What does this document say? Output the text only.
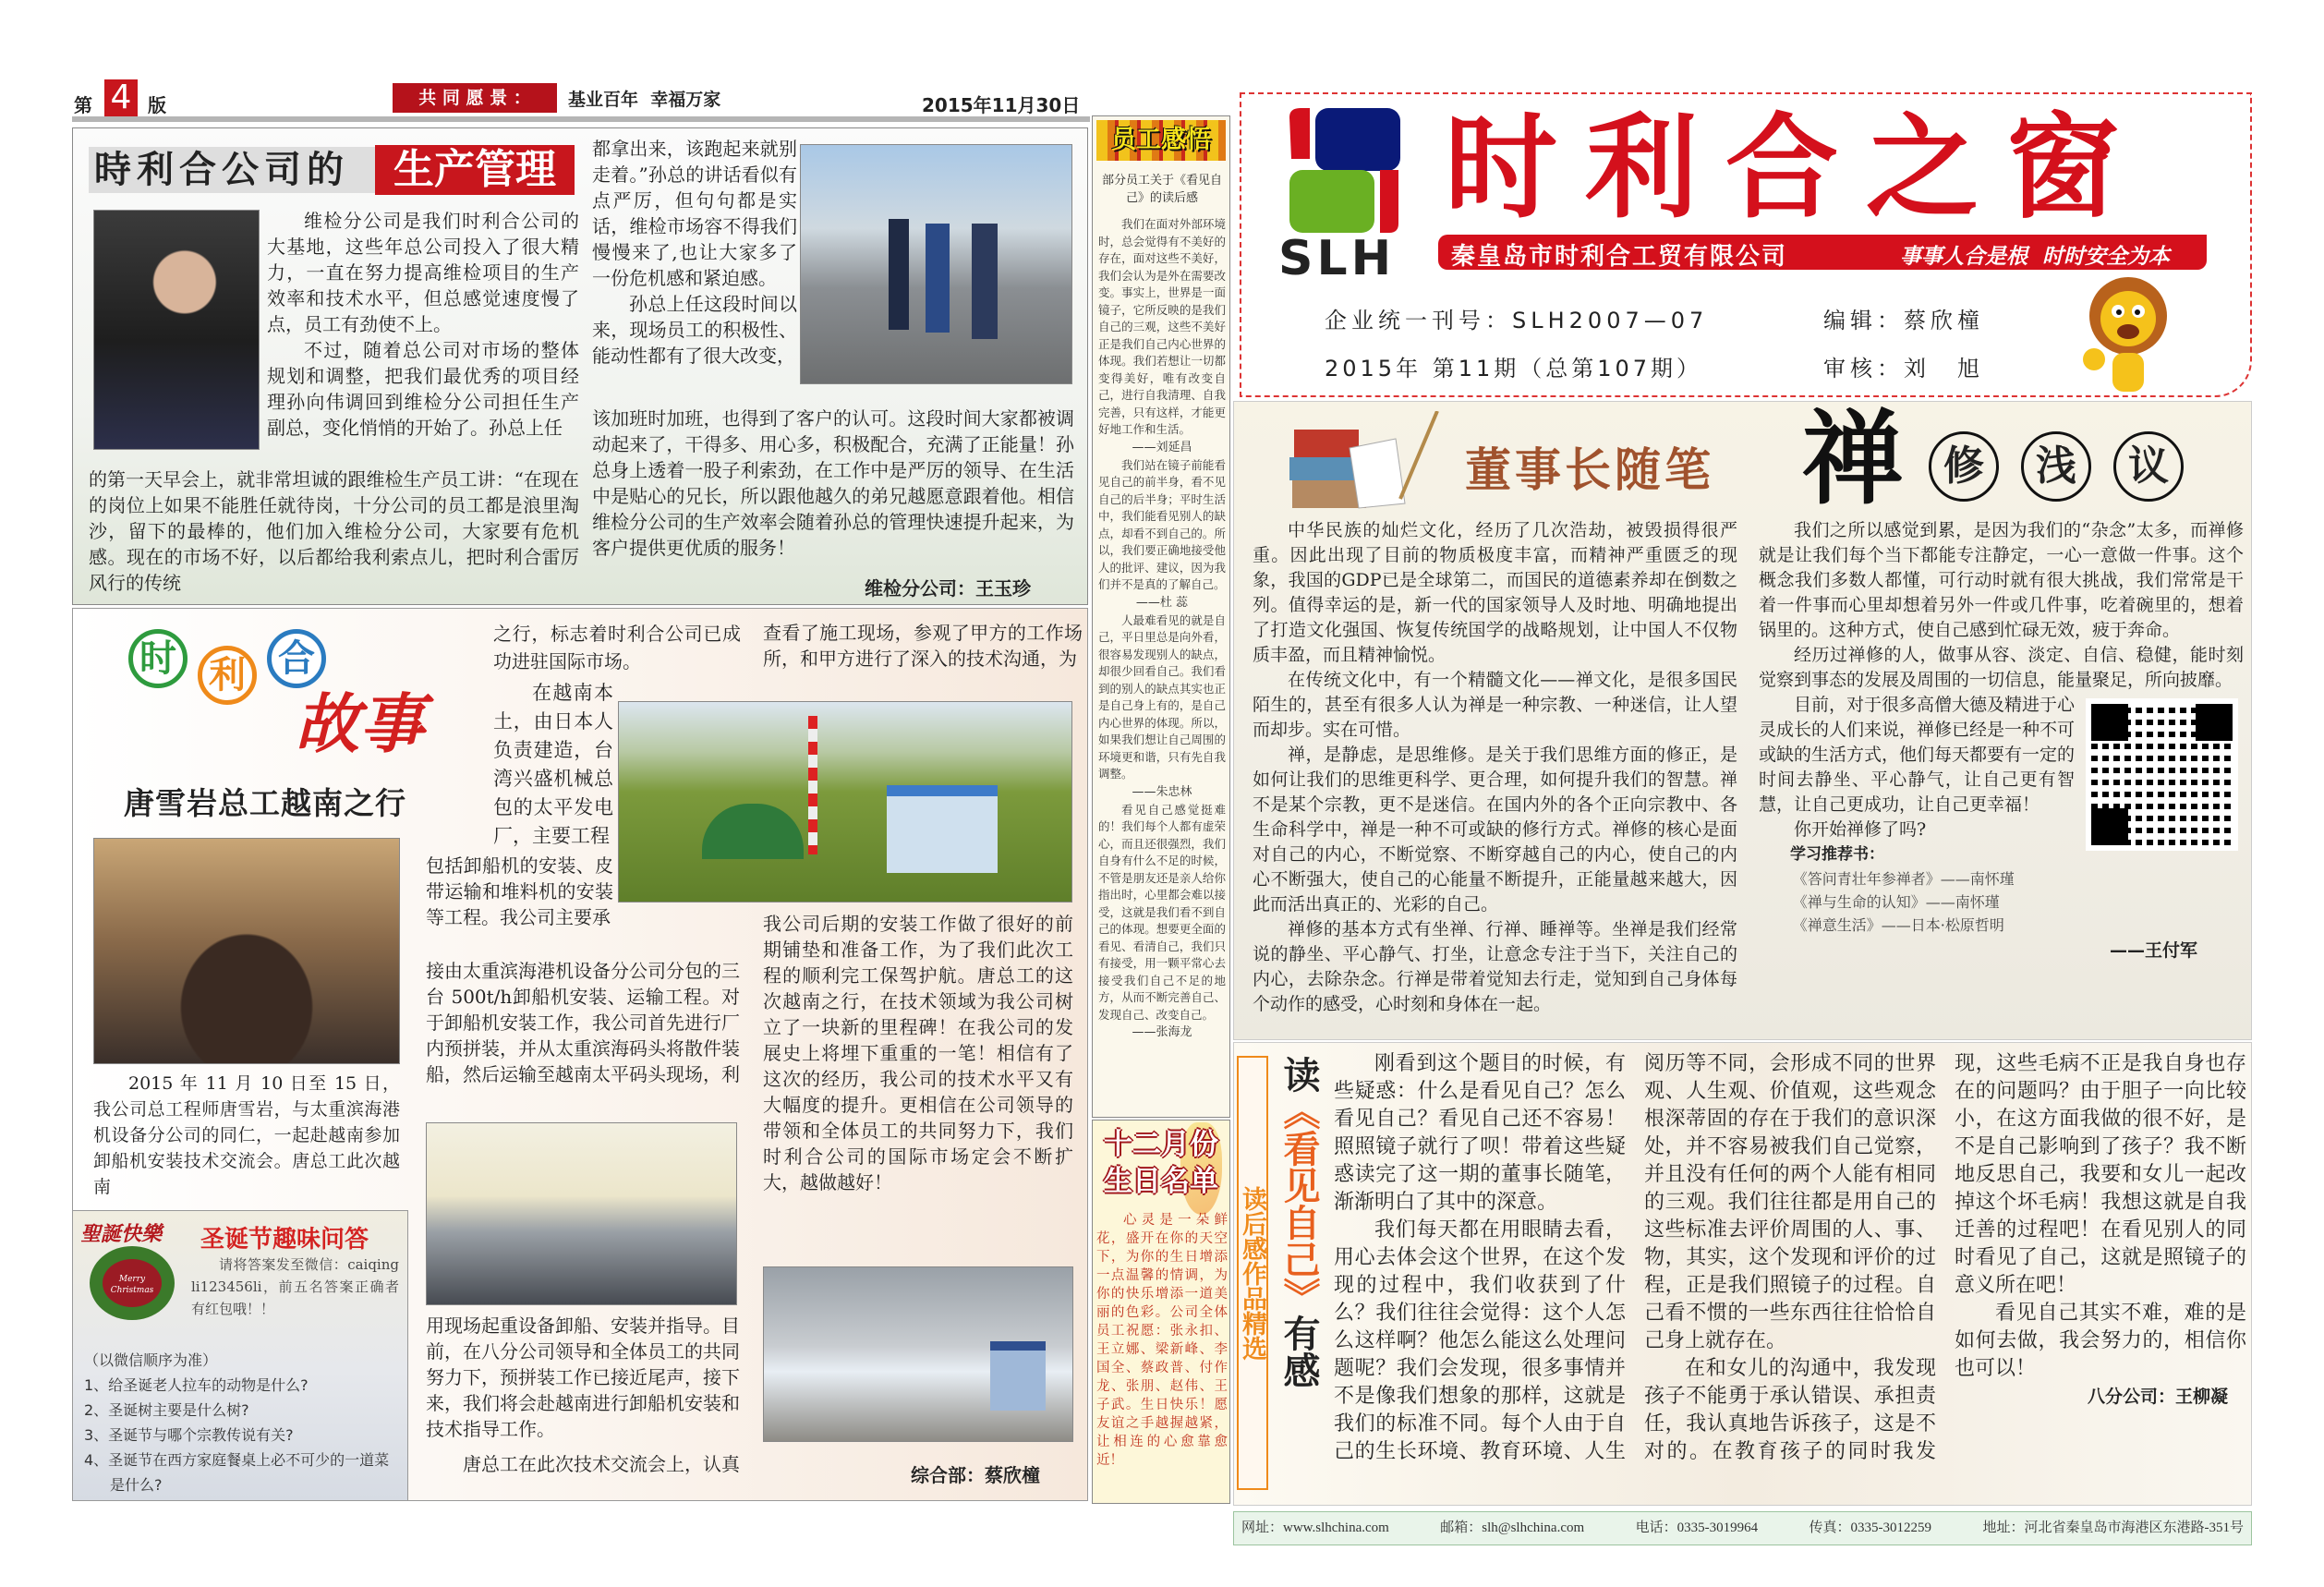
第 4 版	共 同 愿 景 ：	基业百年  幸福万家	2015年11月30日
時利合公司的	生产管理

维检分公司是我们时利合公司的大基地，这些年总公司投入了很大精力，一直在努力提高维检项目的生产效率和技术水平，但总感觉速度慢了点，员工有劲使不上。

不过，随着总公司对市场的整体规划和调整，把我们最优秀的项目经理孙向伟调回到维检分公司担任生产副总，变化悄悄的开始了。孙总上任

的第一天早会上，就非常坦诚的跟维检生产员工讲：“在现在的岗位上如果不能胜任就待岗，十分公司的员工都是浪里淘沙，留下的最棒的，他们加入维检分公司，大家要有危机感。现在的市场不好，以后都给我利索点儿，把时利合雷厉风行的传统

都拿出来，该跑起来就别走着。”孙总的讲话看似有点严厉，但句句都是实话，维检市场容不得我们慢慢来了,也让大家多了一份危机感和紧迫感。

孙总上任这段时间以来，现场员工的积极性、能动性都有了很大改变，

该加班时加班，也得到了客户的认可。这段时间大家都被调动起来了，干得多、用心多，积极配合，充满了正能量！孙总身上透着一股子利索劲，在工作中是严厉的领导、在生活中是贴心的兄长，所以跟他越久的弟兄越愿意跟着他。相信维检分公司的生产效率会随着孙总的管理快速提升起来，为客户提供更优质的服务！

维检分公司：王玉珍
时 利 合
故事
唐雪岩总工越南之行

2015 年 11 月 10 日至 15 日，我公司总工程师唐雪岩，与太重滨海港机设备分公司的同仁，一起赴越南参加卸船机安装技术交流会。唐总工此次越南

之行，标志着时利合公司已成功进驻国际市场。

在越南本土，由日本人负责建造，台湾兴盛机械总包的太平发电厂，主要工程

包括卸船机的安装、皮带运输和堆料机的安装等工程。我公司主要承

接由太重滨海港机设备分公司分包的三台 500t/h卸船机安装、运输工程。对于卸船机安装工作，我公司首先进行厂内预拼装，并从太重滨海码头将散件装船，然后运输至越南太平码头现场，利

用现场起重设备卸船、安装并指导。目前，在八分公司领导和全体员工的共同努力下，预拼装工作已接近尾声，接下来，我们将会赴越南进行卸船机安装和技术指导工作。

唐总工在此次技术交流会上，认真

查看了施工现场，参观了甲方的工作场所，和甲方进行了深入的技术沟通，为

我公司后期的安装工作做了很好的前期铺垫和准备工作，为了我们此次工程的顺利完工保驾护航。唐总工的这次越南之行，在技术领域为我公司树立了一块新的里程碑！在我公司的发展史上将埋下重重的一笔！相信有了这次的经历，我公司的技术水平又有大幅度的提升。更相信在公司领导的带领和全体员工的共同努力下，我们时利合公司的国际市场定会不断扩大，越做越好！

综合部：蔡欣橦
聖誕快樂
Merry Christmas
圣诞节趣味问答

请将答案发至微信：caiqingli123456li，前五名答案正确者有红包哦！！

（以微信顺序为准）
1、给圣诞老人拉车的动物是什么?
2、圣诞树主要是什么树?
3、圣诞节与哪个宗教传说有关?
4、圣诞节在西方家庭餐桌上必不可少的一道菜是什么?
员工感悟
部分员工关于《看见自己》的读后感

我们在面对外部环境时，总会觉得有不美好的存在，面对这些不美好，我们会认为是外在需要改变。事实上，世界是一面镜子，它所反映的是我们自己的三观，这些不美好正是我们自己内心世界的体现。我们若想让一切都变得美好，唯有改变自己，进行自我清理、自我完善，只有这样，才能更好地工作和生活。

——刘延昌

我们站在镜子前能看见自己的前半身，看不见自己的后半身；平时生活中，我们能看见别人的缺点，却看不到自己的。所以，我们要正确地接受他人的批评、建议，因为我们并不是真的了解自己。

——杜 蕊

人最难看见的就是自己，平日里总是向外看，很容易发现别人的缺点，却很少回看自己。我们看到的别人的缺点其实也正是自己身上有的，是自己内心世界的体现。所以，如果我们想让自己周围的环境更和谐，只有先自我调整。

——朱忠林

看见自己感觉挺难的！我们每个人都有虚荣心，而且还很强烈，我们自身有什么不足的时候，不管是朋友还是亲人给你指出时，心里都会难以接受，这就是我们看不到自己的体现。想要更全面的看见、看清自己，我们只有接受，用一颗平常心去接受我们自己不足的地方，从而不断完善自己、发现自己、改变自己。

——张海龙
十二月份
生日名单

心灵是一朵鲜花，盛开在你的天空下，为你的生日增添一点温馨的情调，为你的快乐增添一道美丽的色彩。公司全体员工祝愿：张永扣、王立娜、梁新峰、李国全、蔡政普、付作龙、张朋、赵伟、王子武。生日快乐！愿友谊之手越握越紧，让相连的心愈靠愈近！

SLH
时利合之窗
秦皇岛市时利合工贸有限公司	事事人合是根  时时安全为本
企业统一刊号：SLH2007—07
2015年 第11期（总第107期）
编辑：蔡欣橦
审核：刘　旭
董事长随笔 禅 修	浅	议

中华民族的灿烂文化，经历了几次浩劫，被毁损得很严重。因此出现了目前的物质极度丰富，而精神严重匮乏的现象，我国的GDP已是全球第二，而国民的道德素养却在倒数之列。值得幸运的是，新一代的国家领导人及时地、明确地提出了打造文化强国、恢复传统国学的战略规划，让中国人不仅物质丰盈，而且精神愉悦。

在传统文化中，有一个精髓文化——禅文化，是很多国民陌生的，甚至有很多人认为禅是一种宗教、一种迷信，让人望而却步。实在可惜。

禅，是静虑，是思维修。是关于我们思维方面的修正，是如何让我们的思维更科学、更合理，如何提升我们的智慧。禅不是某个宗教，更不是迷信。在国内外的各个正向宗教中、各生命科学中，禅是一种不可或缺的修行方式。禅修的核心是面对自己的内心，不断觉察、不断穿越自己的内心，使自己的内心不断强大，使自己的心能量不断提升，正能量越来越大，因此而活出真正的、光彩的自己。

禅修的基本方式有坐禅、行禅、睡禅等。坐禅是我们经常说的静坐、平心静气、打坐，让意念专注于当下，关注自己的内心，去除杂念。行禅是带着觉知去行走，觉知到自己身体每个动作的感受，心时刻和身体在一起。

我们之所以感觉到累，是因为我们的“杂念”太多，而禅修就是让我们每个当下都能专注静定，一心一意做一件事。这个概念我们多数人都懂，可行动时就有很大挑战，我们常常是干着一件事而心里却想着另外一件或几件事，吃着碗里的，想着锅里的。这种方式，使自己感到忙碌无效，疲于奔命。

经历过禅修的人，做事从容、淡定、自信、稳健，能时刻觉察到事态的发展及周围的一切信息，能量聚足，所向披靡。

目前，对于很多高僧大德及精进于心灵成长的人们来说，禅修已经是一种不可或缺的生活方式，他们每天都要有一定的时间去静坐、平心静气，让自己更有智慧，让自己更成功，让自己更幸福！

你开始禅修了吗?

学习推荐书：
《答问青壮年参禅者》——南怀瑾
《禅与生命的认知》——南怀瑾
《禅意生活》——日本·松原哲明
——王付军
读后感作品精选
读《看见自己》有感

刚看到这个题目的时候，有些疑惑：什么是看见自己？怎么看见自己？看见自己还不容易！照照镜子就行了呗！带着这些疑惑读完了这一期的董事长随笔，渐渐明白了其中的深意。

我们每天都在用眼睛去看，用心去体会这个世界，在这个发现的过程中，我们收获到了什么？我们往往会觉得：这个人怎么这样啊？他怎么能这么处理问题呢？我们会发现，很多事情并不是像我们想象的那样，这就是我们的标准不同。每个人由于自己的生长环境、教育环境、人生阅历等不同，会形成不同的世界观、人生观、价值观，这些观念根深蒂固的存在于我们的意识深处，并不容易被我们自己觉察，并且没有任何的两个人能有相同的三观。我们往往都是用自己的这些标准去评价周围的人、事、物，其实，这个发现和评价的过程，正是我们照镜子的过程。自己看不惯的一些东西往往恰恰自己身上就存在。

在和女儿的沟通中，我发现孩子不能勇于承认错误、承担责任，我认真地告诉孩子，这是不对的。在教育孩子的同时我发现，这些毛病不正是我自身也存在的问题吗？由于胆子一向比较小，在这方面我做的很不好，是不是自己影响到了孩子？我不断地反思自己，我要和女儿一起改掉这个坏毛病！我想这就是自我迁善的过程吧！在看见别人的同时看见了自己，这就是照镜子的意义所在吧！

看见自己其实不难，难的是如何去做，我会努力的，相信你也可以！

八分公司：王柳凝
网址：www.slhchina.com	邮箱：slh@slhchina.com	电话：0335-3019964	传真：0335-3012259	地址：河北省秦皇岛市海港区东港路-351号
